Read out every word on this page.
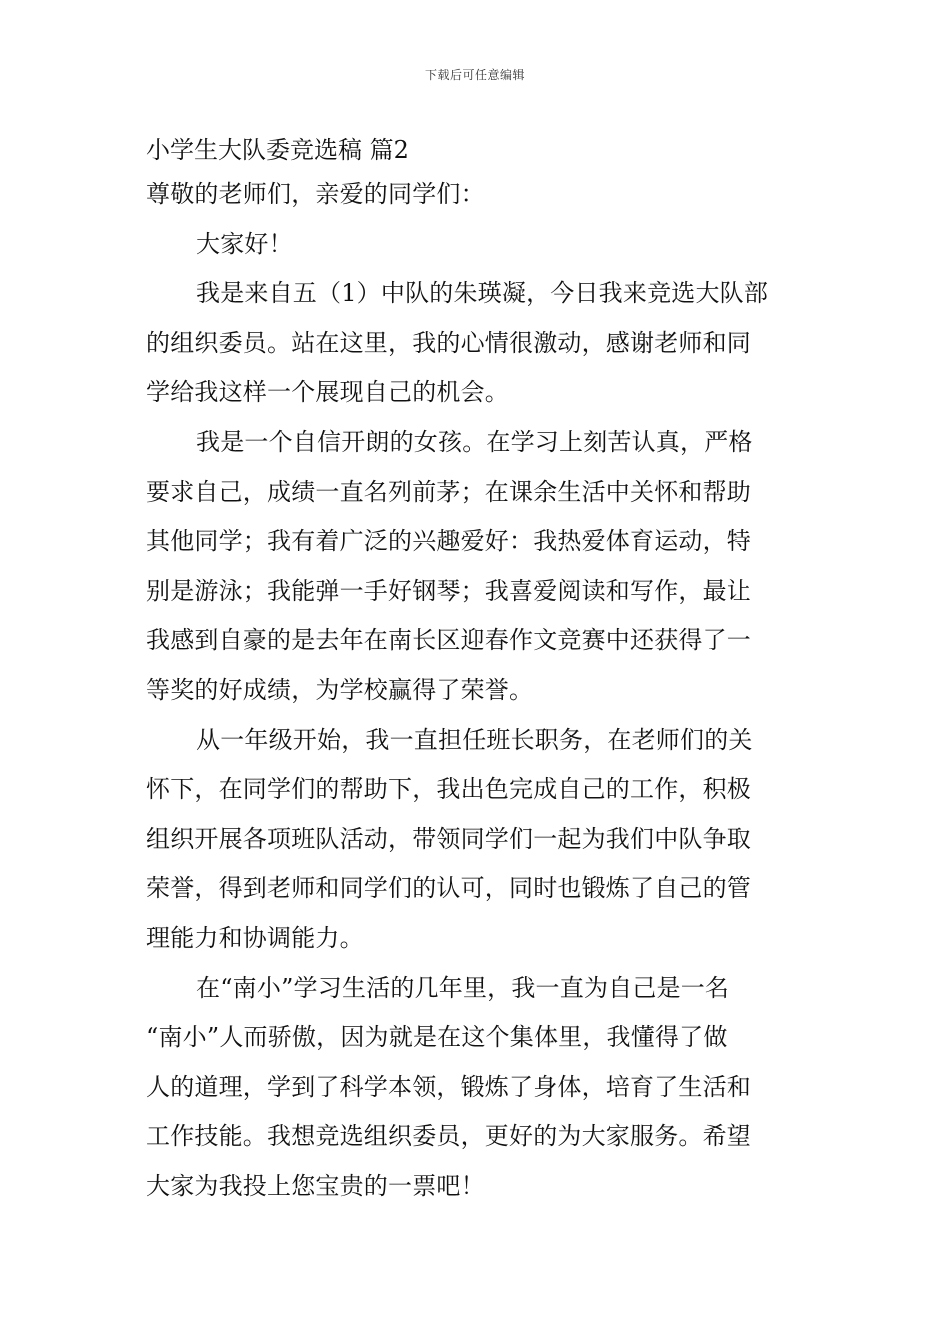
下载后可任意编辑
小学生大队委竞选稿 篇2
尊敬的老师们，亲爱的同学们：
大家好！
我是来自五（1）中队的朱瑛凝，今日我来竞选大队部
的组织委员。站在这里，我的心情很激动，感谢老师和同
学给我这样一个展现自己的机会。
我是一个自信开朗的女孩。在学习上刻苦认真，严格
要求自己，成绩一直名列前茅；在课余生活中关怀和帮助
其他同学；我有着广泛的兴趣爱好：我热爱体育运动，特
别是游泳；我能弹一手好钢琴；我喜爱阅读和写作，最让
我感到自豪的是去年在南长区迎春作文竞赛中还获得了一
等奖的好成绩，为学校赢得了荣誉。
从一年级开始，我一直担任班长职务，在老师们的关
怀下，在同学们的帮助下，我出色完成自己的工作，积极
组织开展各项班队活动，带领同学们一起为我们中队争取
荣誉，得到老师和同学们的认可，同时也锻炼了自己的管
理能力和协调能力。
在“南小”学习生活的几年里，我一直为自己是一名
“南小”人而骄傲，因为就是在这个集体里，我懂得了做
人的道理，学到了科学本领，锻炼了身体，培育了生活和
工作技能。我想竞选组织委员，更好的为大家服务。希望
大家为我投上您宝贵的一票吧！
